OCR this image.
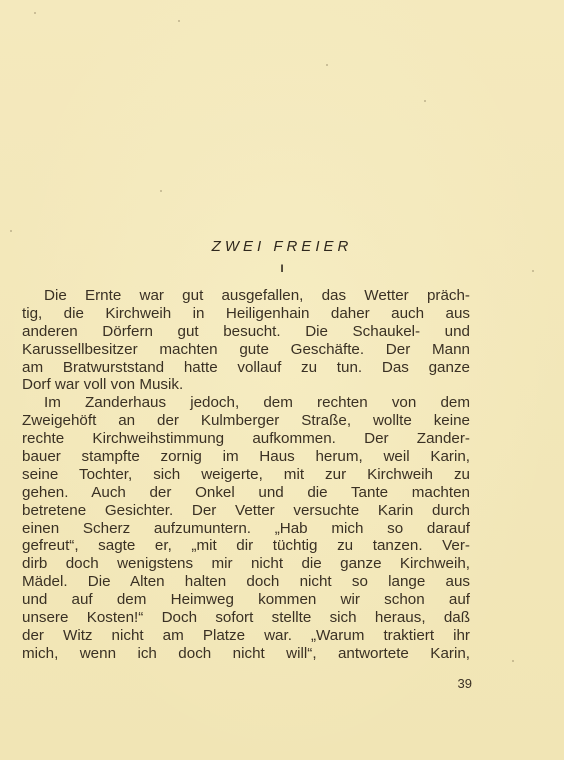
ZWEI FREIER
I
Die Ernte war gut ausgefallen, das Wetter präch-
tig, die Kirchweih in Heiligenhain daher auch aus
anderen Dörfern gut besucht. Die Schaukel- und
Karussellbesitzer machten gute Geschäfte. Der Mann
am Bratwurststand hatte vollauf zu tun. Das ganze
Dorf war voll von Musik.
Im Zanderhaus jedoch, dem rechten von dem
Zweigehöft an der Kulmberger Straße, wollte keine
rechte Kirchweihstimmung aufkommen. Der Zander-
bauer stampfte zornig im Haus herum, weil Karin,
seine Tochter, sich weigerte, mit zur Kirchweih zu
gehen. Auch der Onkel und die Tante machten
betretene Gesichter. Der Vetter versuchte Karin durch
einen Scherz aufzumuntern. „Hab mich so darauf
gefreut“, sagte er, „mit dir tüchtig zu tanzen. Ver-
dirb doch wenigstens mir nicht die ganze Kirchweih,
Mädel. Die Alten halten doch nicht so lange aus
und auf dem Heimweg kommen wir schon auf
unsere Kosten!“ Doch sofort stellte sich heraus, daß
der Witz nicht am Platze war. „Warum traktiert ihr
mich, wenn ich doch nicht will“, antwortete Karin,
39
